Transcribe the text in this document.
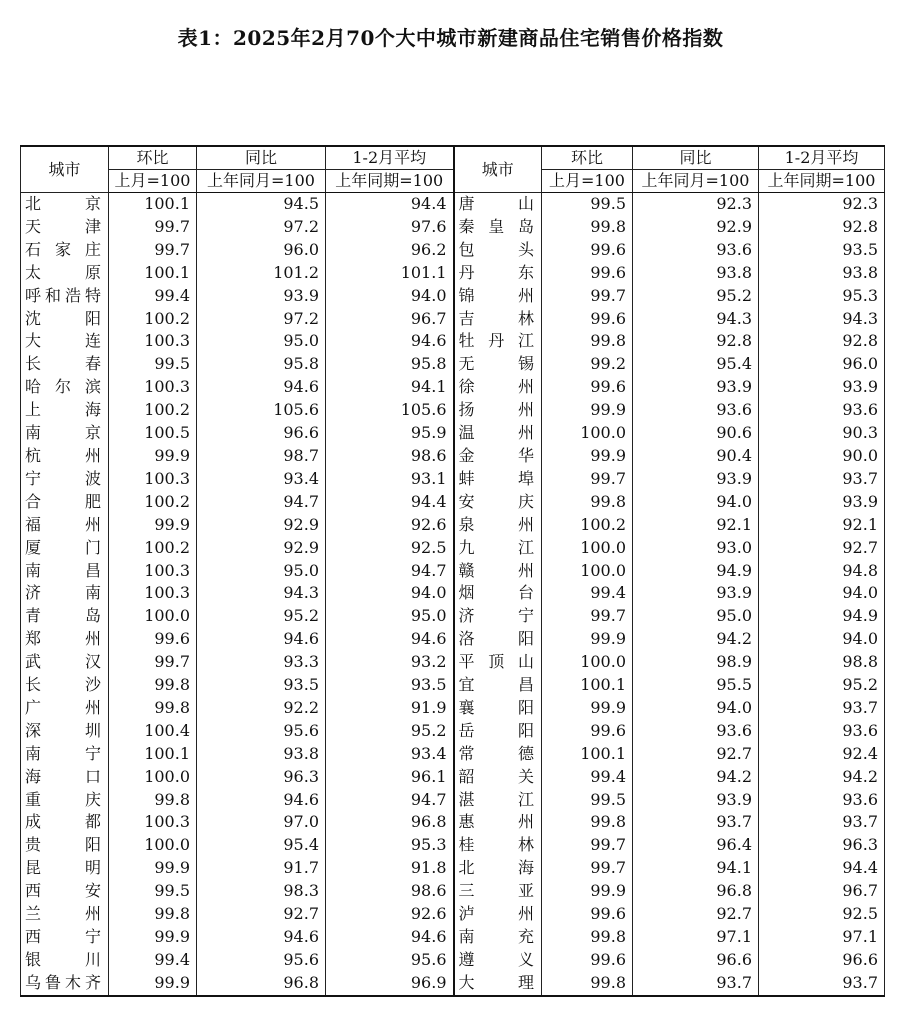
表1：2025年2月70个大中城市新建商品住宅销售价格指数
城市	环比	同比	1-2月平均	城市	环比	同比	1-2月平均
	上月=100	上年同月=100	上年同期=100		上月=100	上年同月=100	上年同期=100
北京	100.1	94.5	94.4	唐山	99.5	92.3	92.3
天津	99.7	97.2	97.6	秦皇岛	99.8	92.9	92.8
石家庄	99.7	96.0	96.2	包头	99.6	93.6	93.5
太原	100.1	101.2	101.1	丹东	99.6	93.8	93.8
呼和浩特	99.4	93.9	94.0	锦州	99.7	95.2	95.3
沈阳	100.2	97.2	96.7	吉林	99.6	94.3	94.3
大连	100.3	95.0	94.6	牡丹江	99.8	92.8	92.8
长春	99.5	95.8	95.8	无锡	99.2	95.4	96.0
哈尔滨	100.3	94.6	94.1	徐州	99.6	93.9	93.9
上海	100.2	105.6	105.6	扬州	99.9	93.6	93.6
南京	100.5	96.6	95.9	温州	100.0	90.6	90.3
杭州	99.9	98.7	98.6	金华	99.9	90.4	90.0
宁波	100.3	93.4	93.1	蚌埠	99.7	93.9	93.7
合肥	100.2	94.7	94.4	安庆	99.8	94.0	93.9
福州	99.9	92.9	92.6	泉州	100.2	92.1	92.1
厦门	100.2	92.9	92.5	九江	100.0	93.0	92.7
南昌	100.3	95.0	94.7	赣州	100.0	94.9	94.8
济南	100.3	94.3	94.0	烟台	99.4	93.9	94.0
青岛	100.0	95.2	95.0	济宁	99.7	95.0	94.9
郑州	99.6	94.6	94.6	洛阳	99.9	94.2	94.0
武汉	99.7	93.3	93.2	平顶山	100.0	98.9	98.8
长沙	99.8	93.5	93.5	宜昌	100.1	95.5	95.2
广州	99.8	92.2	91.9	襄阳	99.9	94.0	93.7
深圳	100.4	95.6	95.2	岳阳	99.6	93.6	93.6
南宁	100.1	93.8	93.4	常德	100.1	92.7	92.4
海口	100.0	96.3	96.1	韶关	99.4	94.2	94.2
重庆	99.8	94.6	94.7	湛江	99.5	93.9	93.6
成都	100.3	97.0	96.8	惠州	99.8	93.7	93.7
贵阳	100.0	95.4	95.3	桂林	99.7	96.4	96.3
昆明	99.9	91.7	91.8	北海	99.7	94.1	94.4
西安	99.5	98.3	98.6	三亚	99.9	96.8	96.7
兰州	99.8	92.7	92.6	泸州	99.6	92.7	92.5
西宁	99.9	94.6	94.6	南充	99.8	97.1	97.1
银川	99.4	95.6	95.6	遵义	99.6	96.6	96.6
乌鲁木齐	99.9	96.8	96.9	大理	99.8	93.7	93.7
